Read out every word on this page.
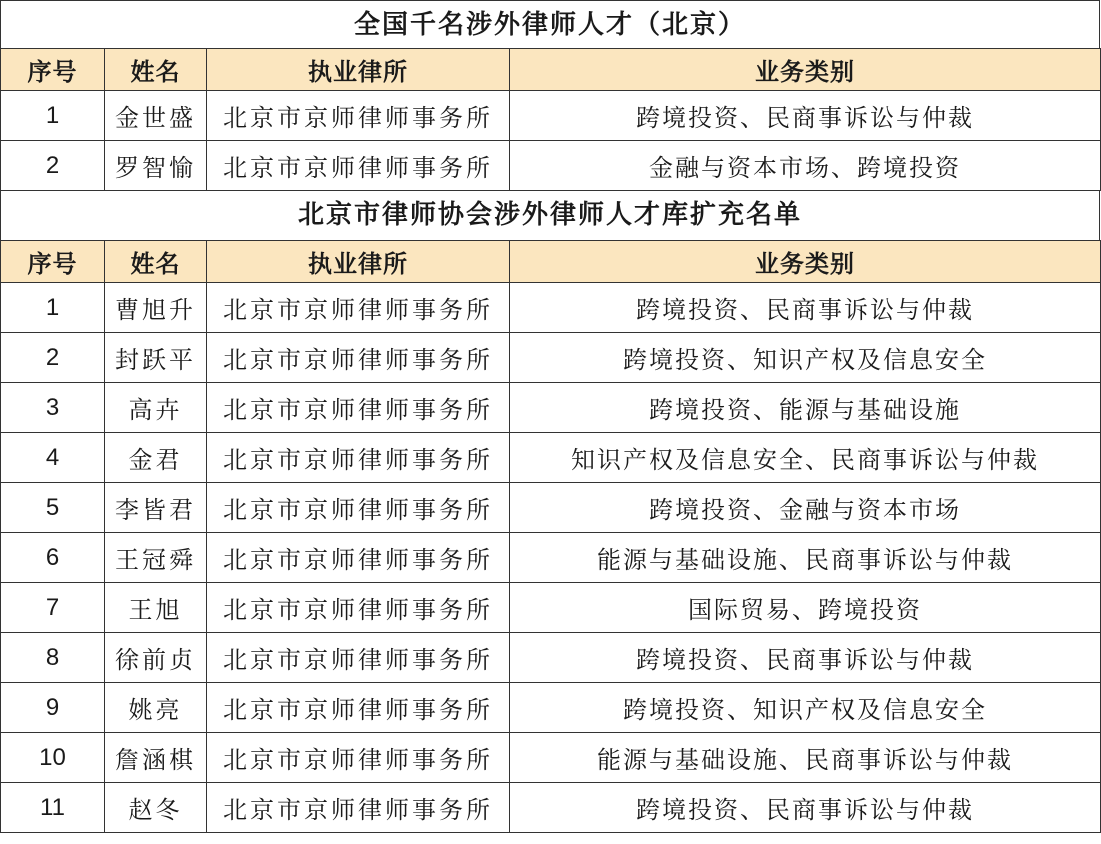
全国千名涉外律师人才（北京）
序号	姓名	执业律所	业务类别
1	金世盛	北京市京师律师事务所	跨境投资、民商事诉讼与仲裁
2	罗智愉	北京市京师律师事务所	金融与资本市场、跨境投资
北京市律师协会涉外律师人才库扩充名单
序号	姓名	执业律所	业务类别
1	曹旭升	北京市京师律师事务所	跨境投资、民商事诉讼与仲裁
2	封跃平	北京市京师律师事务所	跨境投资、知识产权及信息安全
3	高卉	北京市京师律师事务所	跨境投资、能源与基础设施
4	金君	北京市京师律师事务所	知识产权及信息安全、民商事诉讼与仲裁
5	李皆君	北京市京师律师事务所	跨境投资、金融与资本市场
6	王冠舜	北京市京师律师事务所	能源与基础设施、民商事诉讼与仲裁
7	王旭	北京市京师律师事务所	国际贸易、跨境投资
8	徐前贞	北京市京师律师事务所	跨境投资、民商事诉讼与仲裁
9	姚亮	北京市京师律师事务所	跨境投资、知识产权及信息安全
10	詹涵棋	北京市京师律师事务所	能源与基础设施、民商事诉讼与仲裁
11	赵冬	北京市京师律师事务所	跨境投资、民商事诉讼与仲裁
